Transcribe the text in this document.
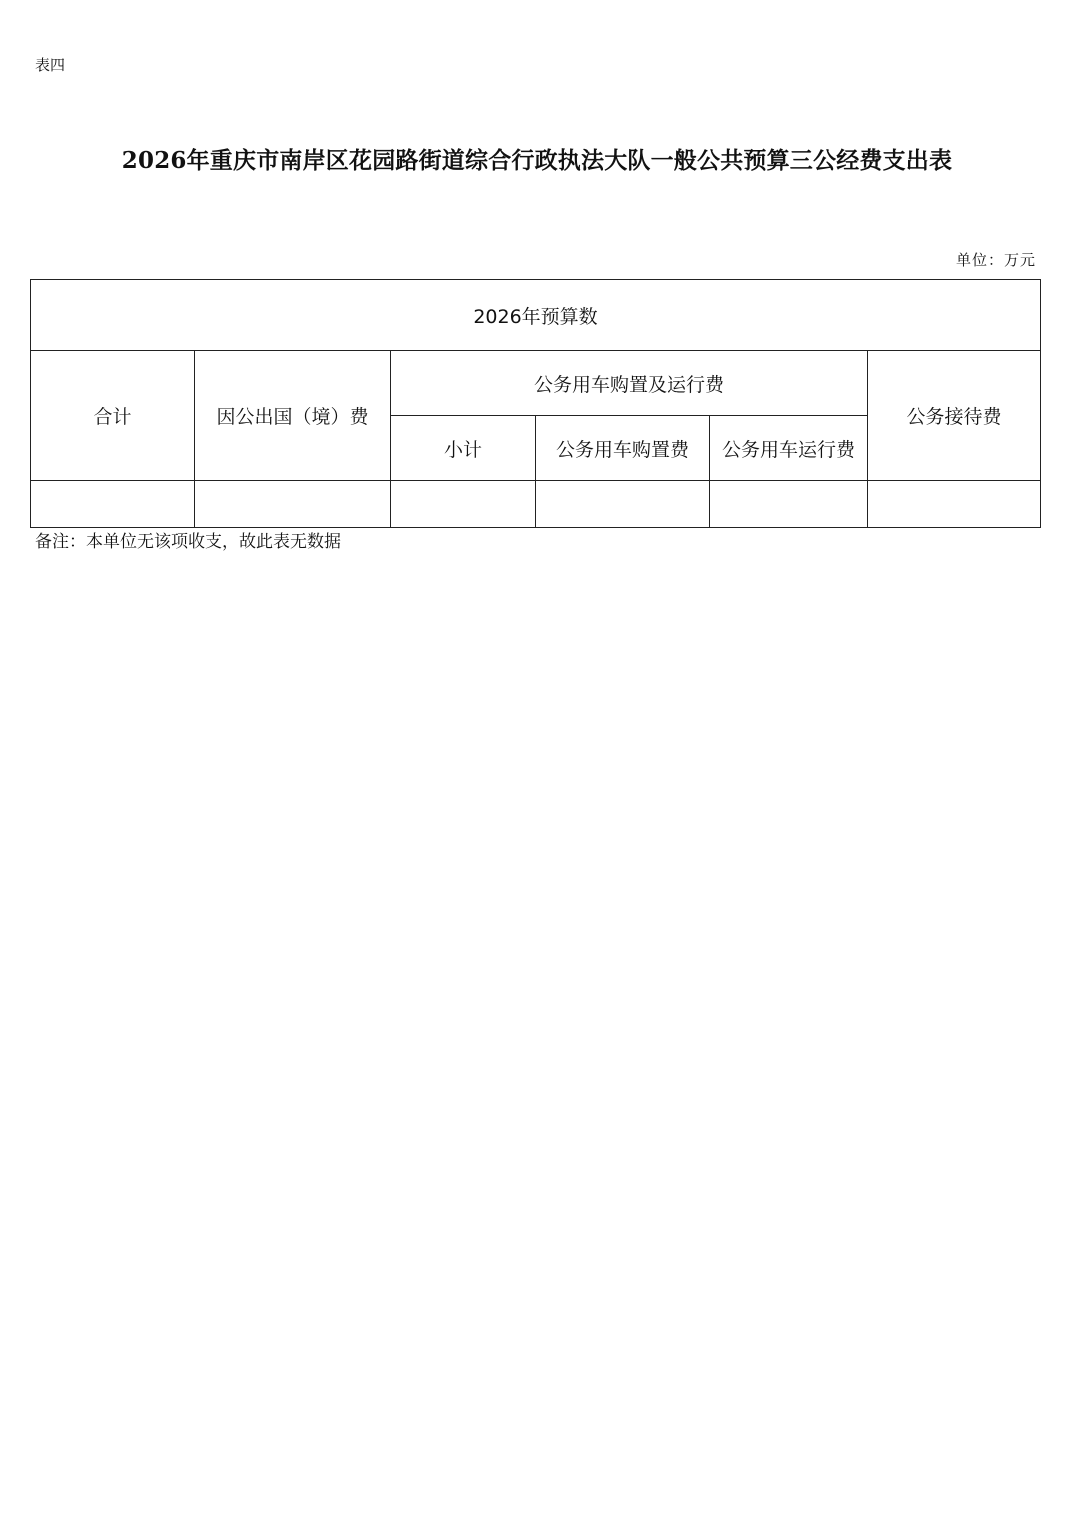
表四
2026年重庆市南岸区花园路街道综合行政执法大队一般公共预算三公经费支出表
单位：万元
2026年预算数					
合计	因公出国（境）费	公务用车购置及运行费			公务接待费
		小计	公务用车购置费	公务用车运行费	

备注：本单位无该项收支，故此表无数据
